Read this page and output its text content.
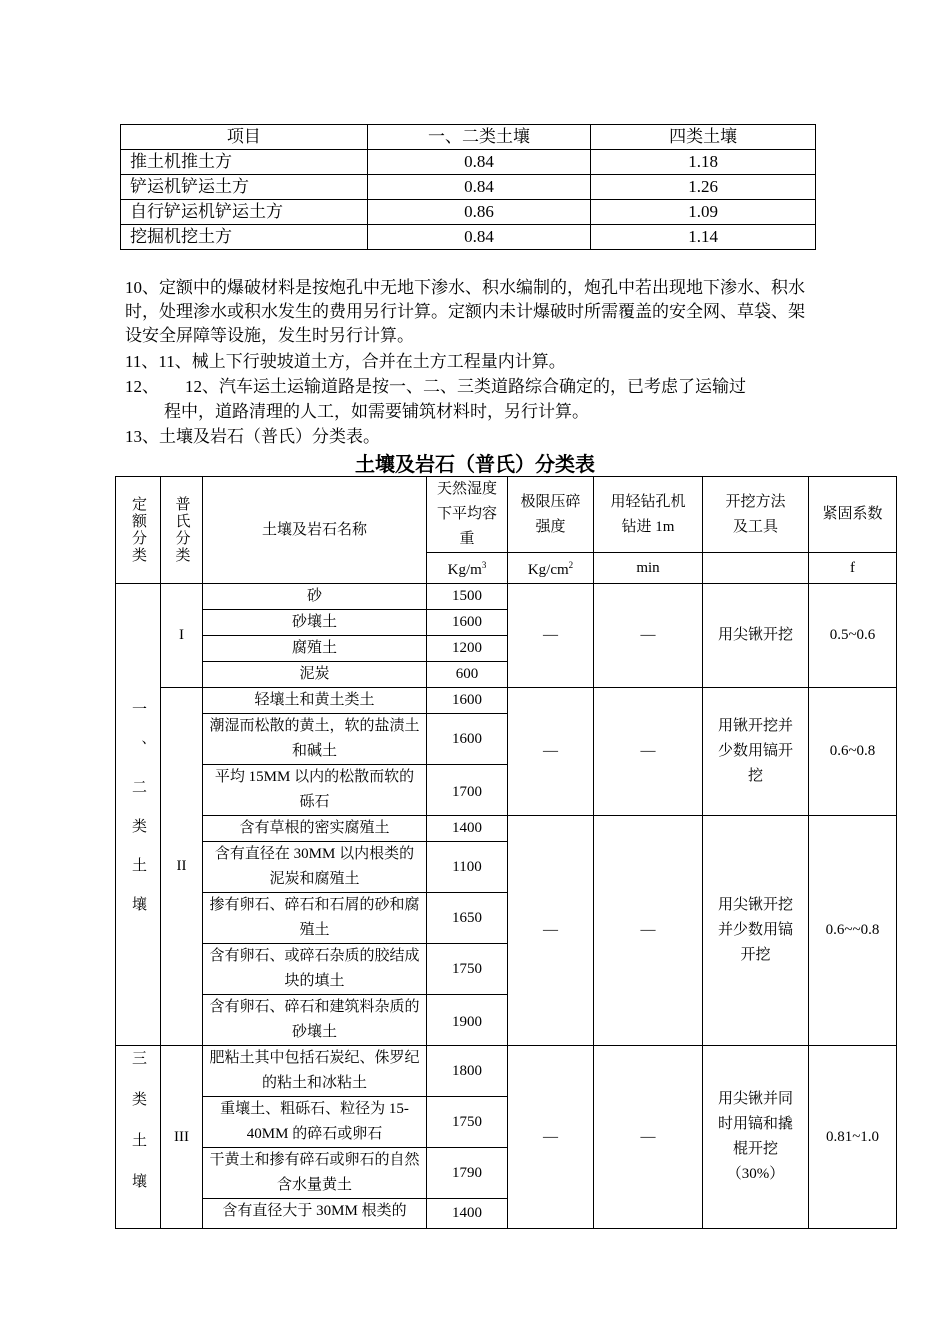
项目	一、二类土壤	四类土壤
推土机推土方	0.84	1.18
铲运机铲运土方	0.84	1.26
自行铲运机铲运土方	0.86	1.09
挖掘机挖土方	0.84	1.14

10、定额中的爆破材料是按炮孔中无地下渗水、积水编制的，炮孔中若出现地下渗水、积水时，处理渗水或积水发生的费用另行计算。定额内未计爆破时所需覆盖的安全网、草袋、架设安全屏障等设施，发生时另行计算。

11、11、械上下行驶坡道土方，合并在土方工程量内计算。

12、 12、汽车运土运输道路是按一、二、三类道路综合确定的，已考虑了运输过

程中，道路清理的人工，如需要铺筑材料时，另行计算。

13、土壤及岩石（普氏）分类表。

土壤及岩石（普氏）分类表
定额分类	普氏分类	土壤及岩石名称	天然湿度下平均容重	极限压碎强度	用轻钻孔机钻进 1m	开挖方法及工具	紧固系数
			$Kg/m^3$	$Kg/cm^2$	min		f

一、二类土壤	I	砂	1500	—	—	用尖锹开挖	0.5~0.6
		砂壤土	1600				
		腐殖土	1200				
		泥炭	600				
	II	轻壤土和黄土类土	1600	—	—	用锹开挖并少数用镐开挖	0.6~0.8
		潮湿而松散的黄土，软的盐渍土和碱土	1600				
		平均 15MM 以内的松散而软的砾石	1700				
		含有草根的密实腐殖土	1400	—	—	用尖锹开挖并少数用镐开挖	0.6~~0.8
		含有直径在 30MM 以内根类的泥炭和腐殖土	1100				
		掺有卵石、碎石和石屑的砂和腐殖土	1650				
		含有卵石、或碎石杂质的胶结成块的填土	1750				
		含有卵石、碎石和建筑料杂质的砂壤土	1900				

三类土壤	III	肥粘土其中包括石炭纪、侏罗纪的粘土和冰粘土	1800	—	—	用尖锹并同时用镐和撬棍开挖（30%）	0.81~1.0
		重壤土、粗砾石、粒径为 15-40MM 的碎石或卵石	1750				
		干黄土和掺有碎石或卵石的自然含水量黄土	1790				
		含有直径大于 30MM 根类的	1400				
